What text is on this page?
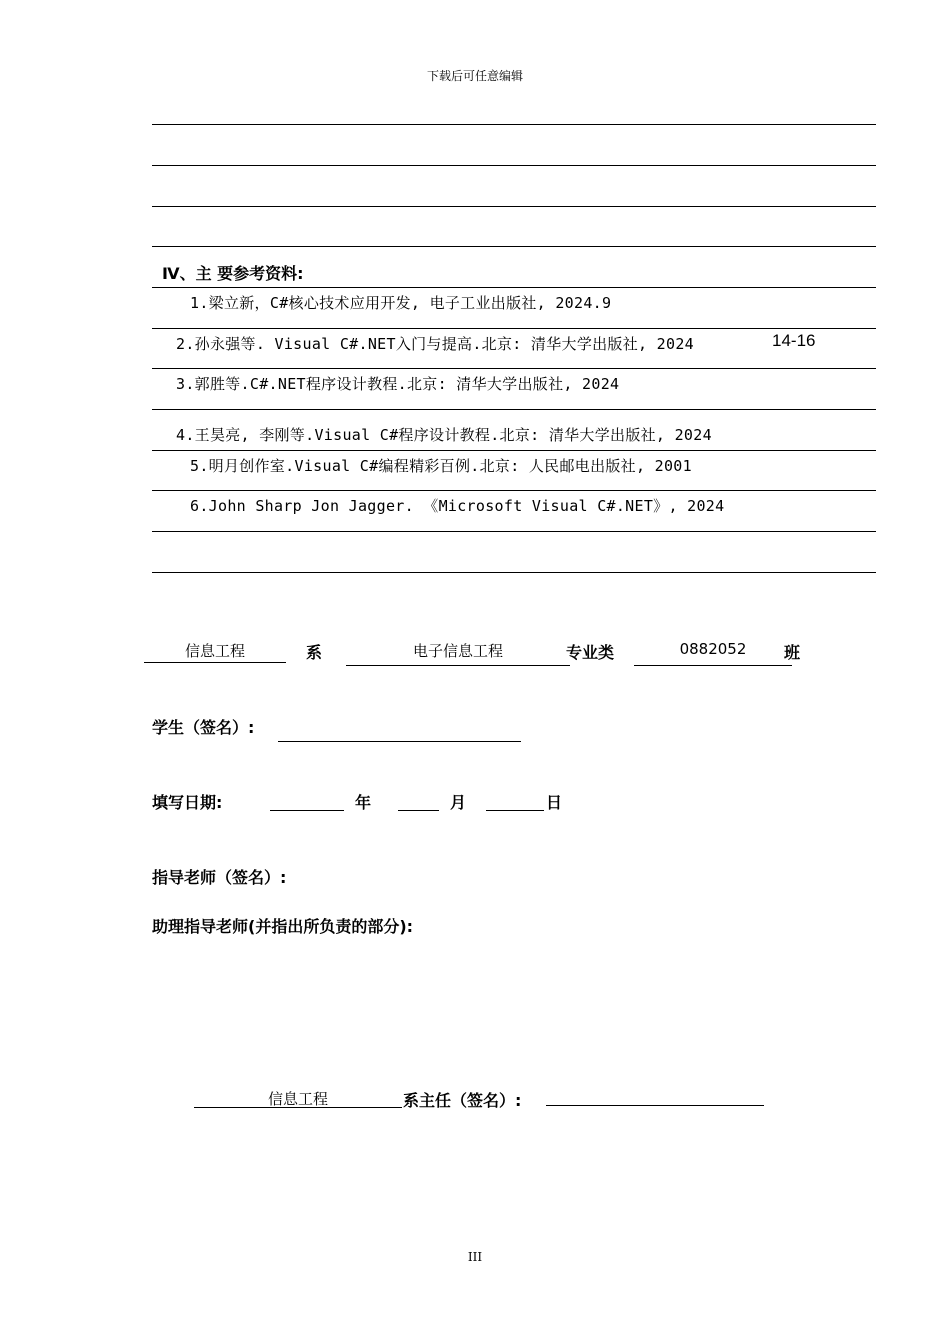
下载后可任意编辑
Ⅳ、主 要参考资料:
1.梁立新，C#核心技术应用开发, 电子工业出版社, 2024.9
2.孙永强等. Visual C#.NET入门与提高.北京: 清华大学出版社, 2024	14-16
3.郭胜等.C#.NET程序设计教程.北京: 清华大学出版社, 2024
4.王昊亮, 李刚等.Visual C#程序设计教程.北京: 清华大学出版社, 2024
5.明月创作室.Visual C#编程精彩百例.北京: 人民邮电出版社, 2001
6.John Sharp Jon Jagger. 《Microsoft Visual C#.NET》, 2024
信息工程	系	电子信息工程	专业类	0882052	班
学生（签名）:
填写日期:	年	月	日
指导老师（签名）:
助理指导老师(并指出所负责的部分):
信息工程	系主任（签名）:
III
